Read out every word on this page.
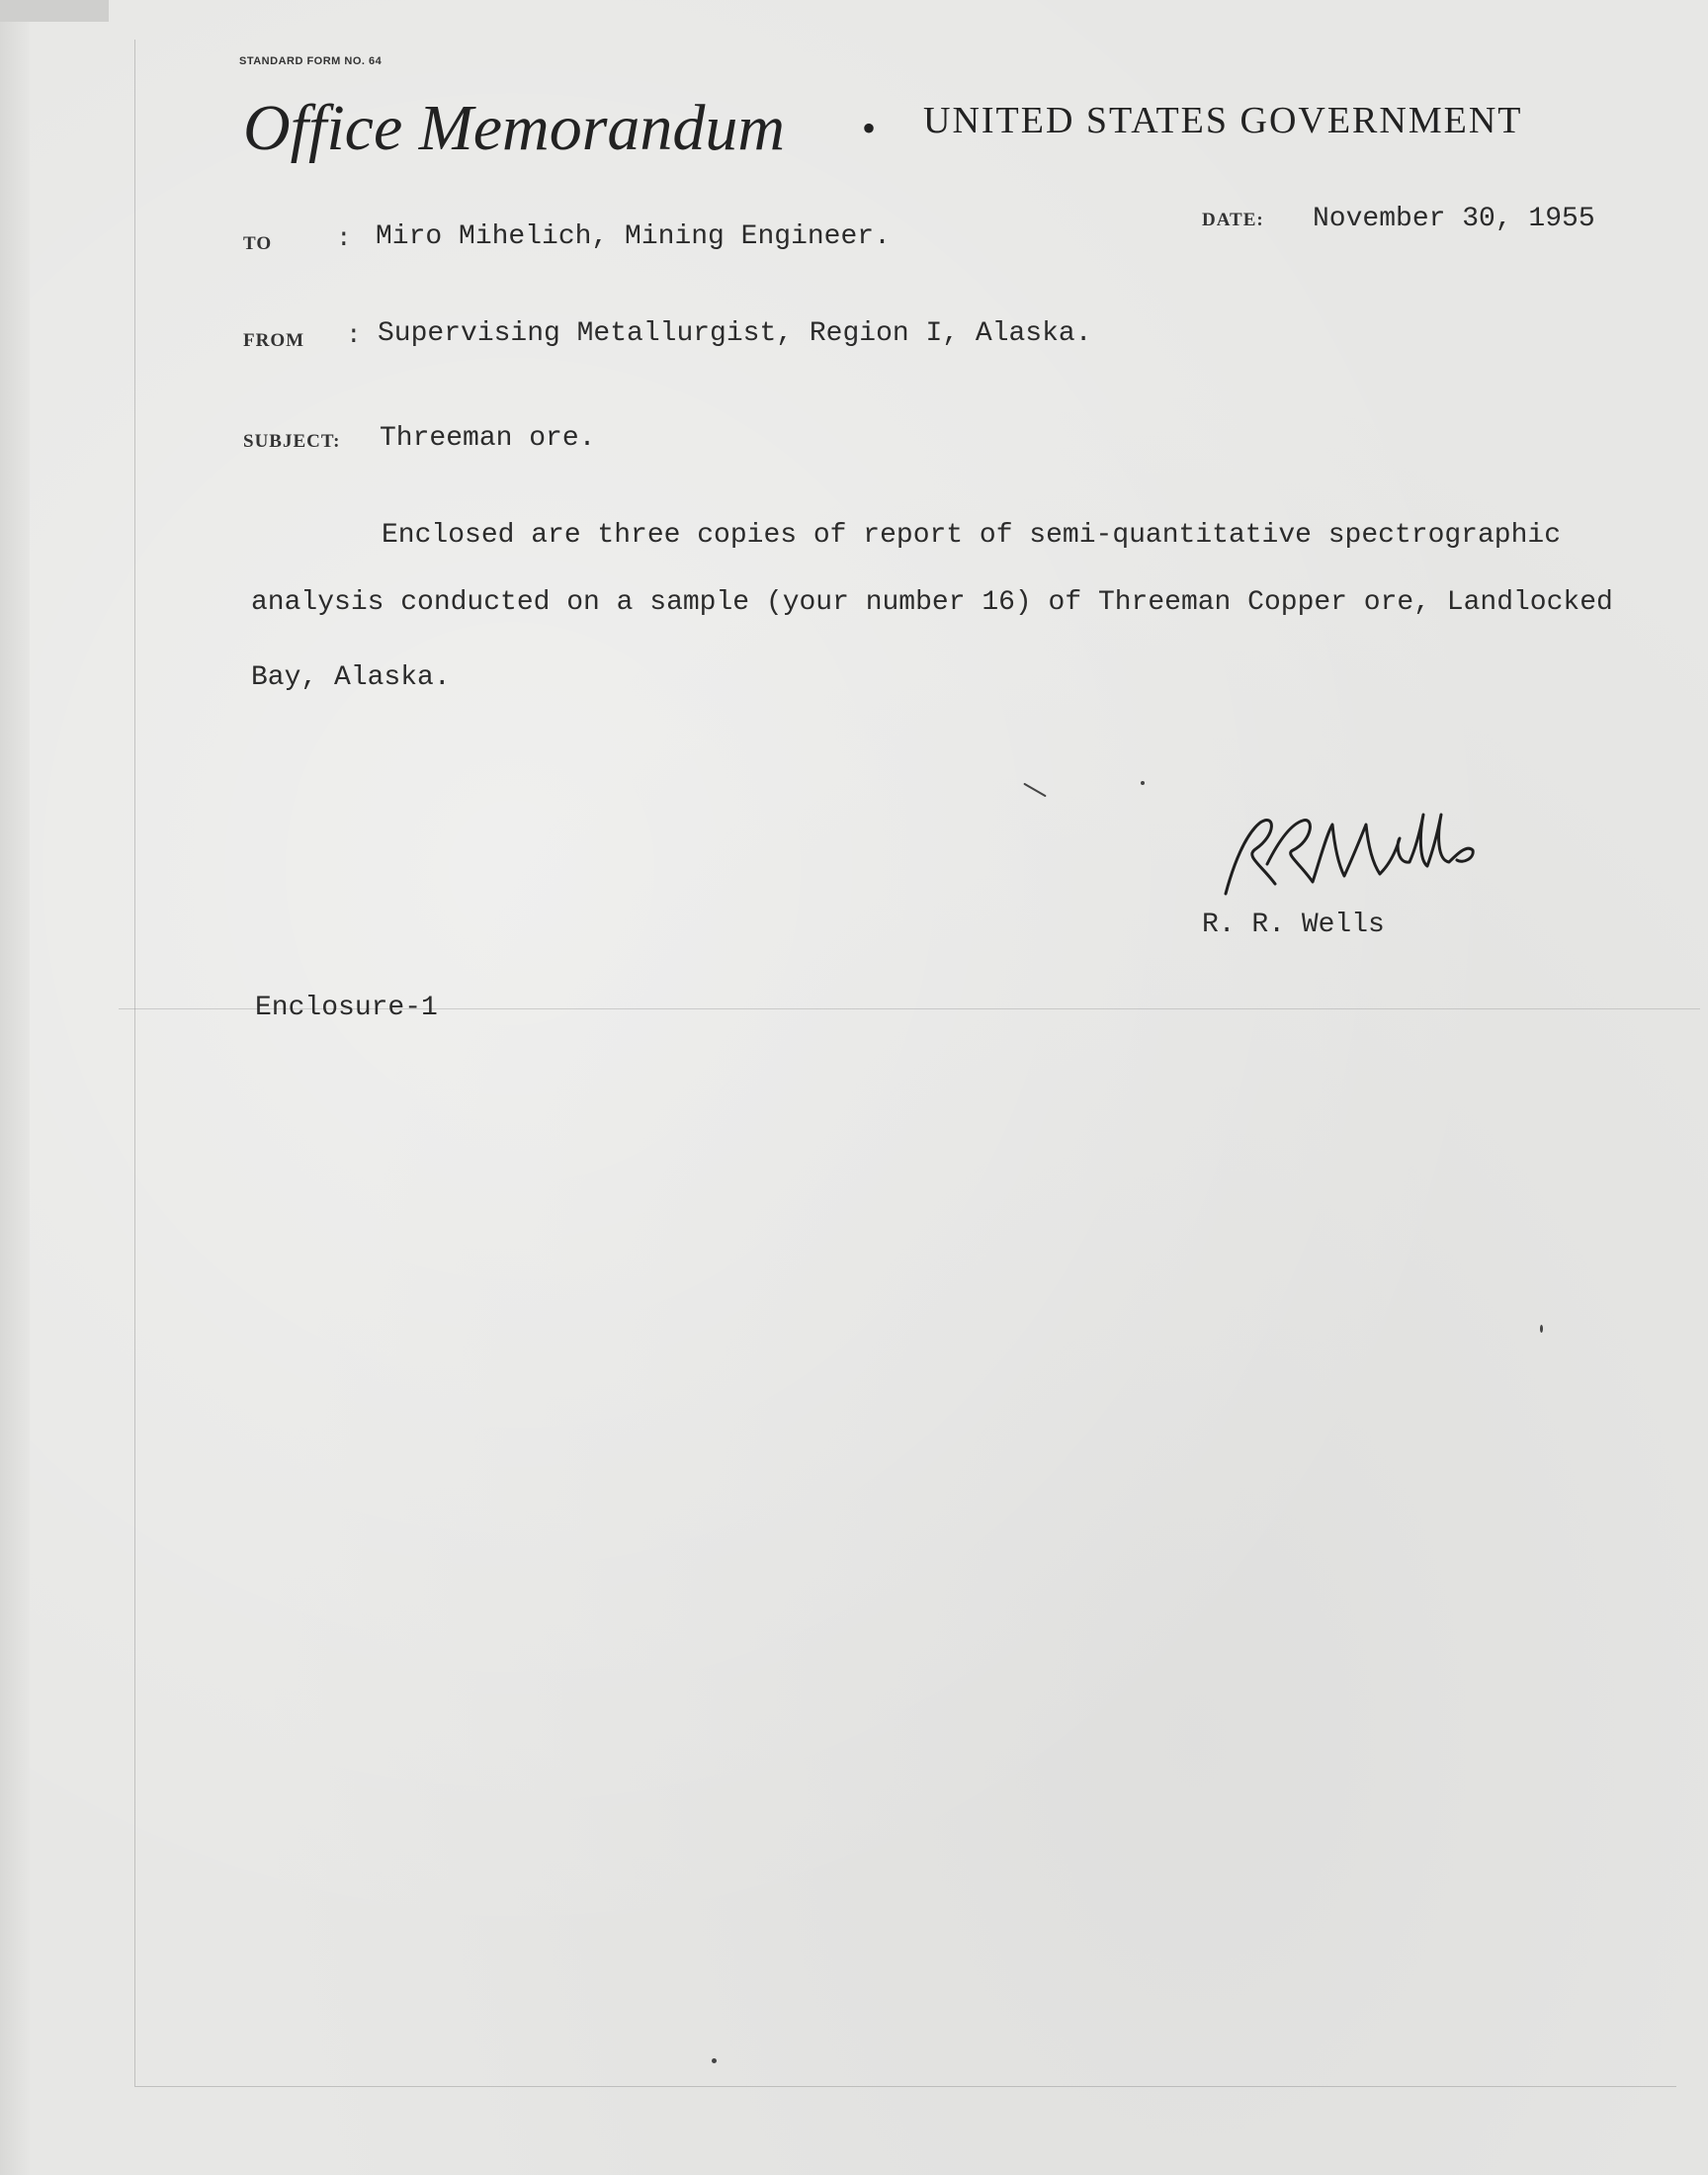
STANDARD FORM NO. 64
Office Memorandum • UNITED STATES GOVERNMENT
TO : Miro Mihelich, Mining Engineer.
DATE: November 30, 1955
FROM : Supervising Metallurgist, Region I, Alaska.
SUBJECT: Threeman ore.
Enclosed are three copies of report of semi-quantitative spectrographic
analysis conducted on a sample (your number 16) of Threeman Copper ore, Landlocked
Bay, Alaska.
R. R. Wells
Enclosure-1
